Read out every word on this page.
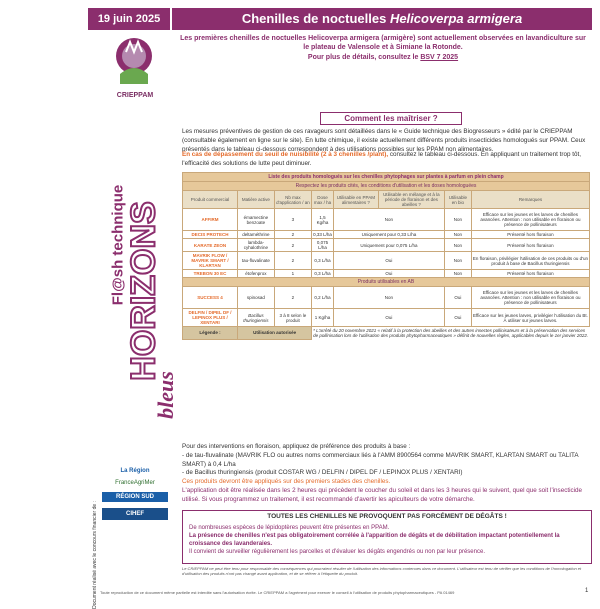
19 juin 2025	Chenilles de noctuelles Helicoverpa armigera
CRIEPPAM
Fl@sh technique
HORIZONS
bleus
Document réalisé avec le concours financier de :
La Région
FranceAgriMer
RÉGION SUD
CIHEF
Les premières chenilles de noctuelles Helicoverpa armigera (armigère) sont actuellement observées en lavandiculture sur le plateau de Valensole et à Simiane la Rotonde.
Pour plus de détails, consultez le BSV 7 2025
Comment les maîtriser ?
Les mesures préventives de gestion de ces ravageurs sont détaillées dans le « Guide technique des Biogresseurs » édité par le CRIEPPAM (consultable également en ligne sur le site). En lutte chimique, il existe actuellement différents produits insecticides homologués sur PPAM. Ceux présentés dans le tableau ci-dessous correspondent à des utilisations possibles sur les PPAM non alimentaires.
En cas de dépassement du seuil de nuisibilité (2 à 3 chenilles /plant), consultez le tableau ci-dessous. En appliquant un traitement trop tôt, l'efficacité des solutions de lutte peut diminuer.
Liste des produits homologués sur les chenilles phytophages sur plantes à parfum en plein champ							
Respectez les produits cités, les conditions d'utilisation et les doses homologuées							
Produit commercial	Matière active	Nb max d'application / an	Dose max / ha	Utilisable en PPAM alimentaires ?	Utilisable en mélange et à la période de floraison et des abeilles ?	Utilisable en bio	Remarques
AFFIRM	émamectine benzoate	3	1,5 Kg/ha	Non		Non	Efficace sur les jeunes et les larves de chenilles avancées. Attention : non utilisable en floraison ou présence de pollinisateurs
DECIS PROTECH	deltaméthrine	2	0,33 L/ha	Uniquement pour 0,33 L/ha		Non	Présenté hors floraison
KARATE ZEON	lambda-cyhalothrine	2	0,075 L/ha	Uniquement pour 0,075 L/ha		Non	Présenté hors floraison
MAVRIK FLOW / MAVRIK SMART / KLARTAN	tau-fluvalinate	2	0,3 L/ha	Oui		Non	En floraison, privilégier l'utilisation de ces produits ou d'un produit à base de Bacillus thuringiensis
TREBON 30 EC	étofenprox	1	0,3 L/ha	Oui		Non	Présenté hors floraison
Produits utilisables en AB							
SUCCESS 4	spinosad	2	0,2 L/ha	Non		Oui	Efficace sur les jeunes et les larves de chenilles avancées. Attention : non utilisable en floraison ou présence de pollinisateurs
DELFIN / DIPEL DF / LEPINOX PLUS / XENTARI	Bacillus thuringiensis	3 à 8 selon le produit	1 Kg/ha	Oui		Oui	Efficace sur les jeunes larves, privilégier l'utilisation du Bt. À utiliser sur jeunes larves.
Légende :	Utilisation autorisée		* L'arrêté du 20 novembre 2021 « relatif à la protection des abeilles et des autres insectes pollinisateurs et à la préservation des services de pollinisation lors de l'utilisation des produits phytopharmaceutiques » définit de nouvelles règles, applicables depuis le 1er janvier 2022.				
Pour des interventions en floraison, appliquez de préférence des produits à base :
- de tau-fluvalinate (MAVRIK FLO ou autres noms commerciaux liés à l'AMM 8900564 comme MAVRIK SMART, KLARTAN SMART ou TALITA SMART) à 0,4 L/ha
- de Bacillus thuringiensis (produit COSTAR WG / DELFIN / DIPEL DF / LEPINOX PLUS / XENTARI)
Ces produits devront être appliqués sur des premiers stades des chenilles.
L'application doit être réalisée dans les 2 heures qui précèdent le coucher du soleil et dans les 3 heures qui le suivent, quel que soit l'insecticide utilisé. Si vous programmez un traitement, il est recommandé d'avertir les apiculteurs de votre démarche.
TOUTES LES CHENILLES NE PROVOQUENT PAS FORCÉMENT DE DÉGÂTS !
De nombreuses espèces de lépidoptères peuvent être présentes en PPAM.
La présence de chenilles n'est pas obligatoirement corrélée à l'apparition de dégâts et de débilitation impactant potentiellement la croissance des lavanderaies.
Il convient de surveiller régulièrement les parcelles et d'évaluer les dégâts engendrés ou non par leur présence.
Le CRIEPPAM ne peut être tenu pour responsable des conséquences qui pourraient résulter de l'utilisation des informations contenues dans ce document. L'utilisateur est tenu de vérifier que les conditions de l'homologation et d'utilisation des produits n'ont pas changé avant application, et de se référer à l'étiquette du produit.
Toute reproduction de ce document même partielle est interdite sans l'autorisation écrite. Le CRIEPPAM a l'agrément pour exercer le conseil à l'utilisation de produits phytopharmaceutiques - PA 01469	1
